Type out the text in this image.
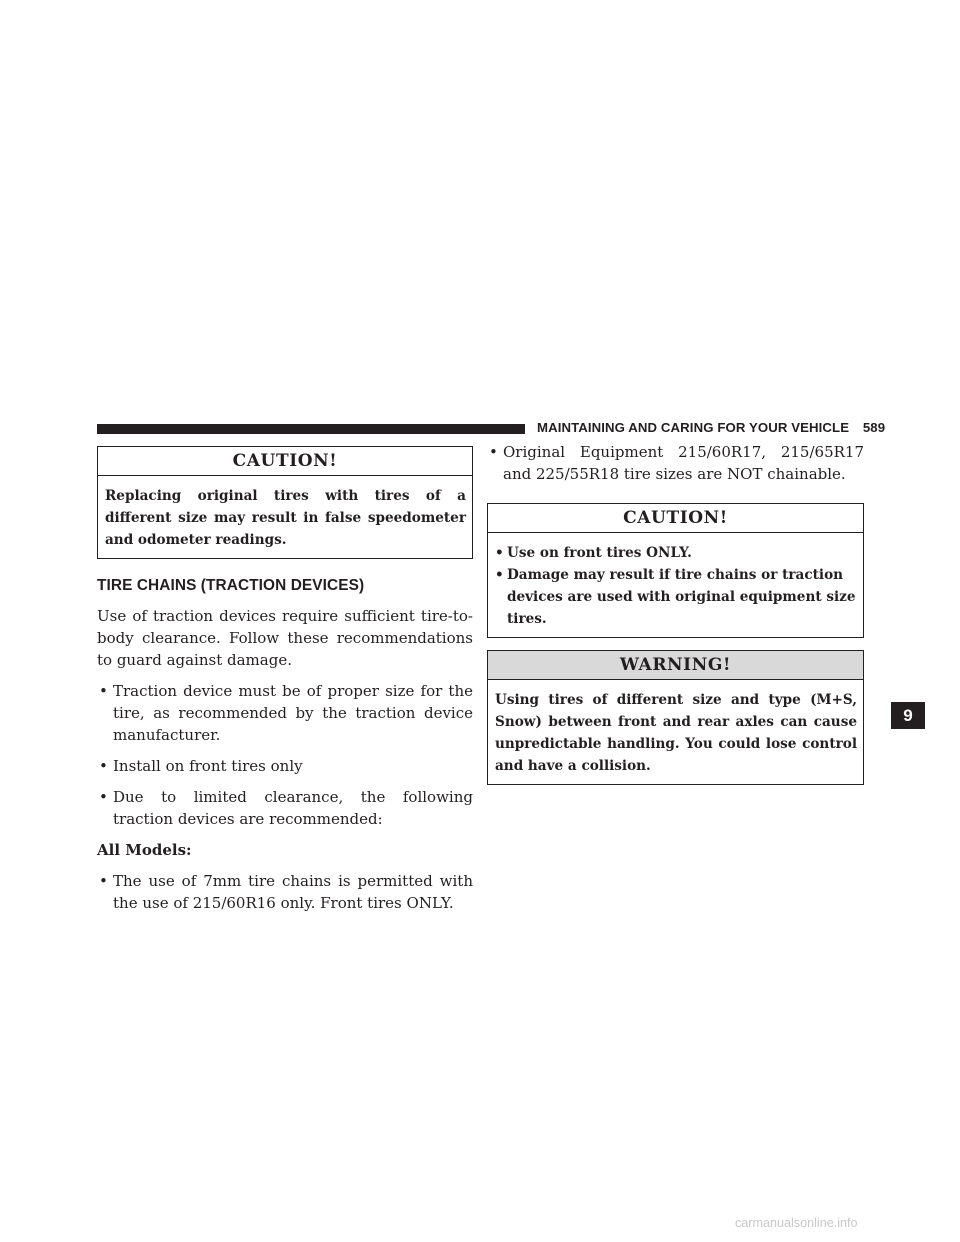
MAINTAINING AND CARING FOR YOUR VEHICLE 589
CAUTION!

Replacing original tires with tires of a different size may result in false speedometer and odometer readings.

TIRE CHAINS (TRACTION DEVICES)

Use of traction devices require sufficient tire-to-body clearance. Follow these recommendations to guard against damage.

• Traction device must be of proper size for the tire, as recommended by the traction device manufacturer.
• Install on front tires only
• Due to limited clearance, the following traction devices are recommended:

All Models:

• The use of 7mm tire chains is permitted with the use of 215/60R16 only. Front tires ONLY.
• Original Equipment 215/60R17, 215/65R17 and 225/55R18 tire sizes are NOT chainable.
CAUTION!
• Use on front tires ONLY.
• Damage may result if tire chains or traction devices are used with original equipment size tires.
WARNING!

Using tires of different size and type (M+S, Snow) between front and rear axles can cause unpredictable handling. You could lose control and have a collision.

9
carmanualsonline.info
